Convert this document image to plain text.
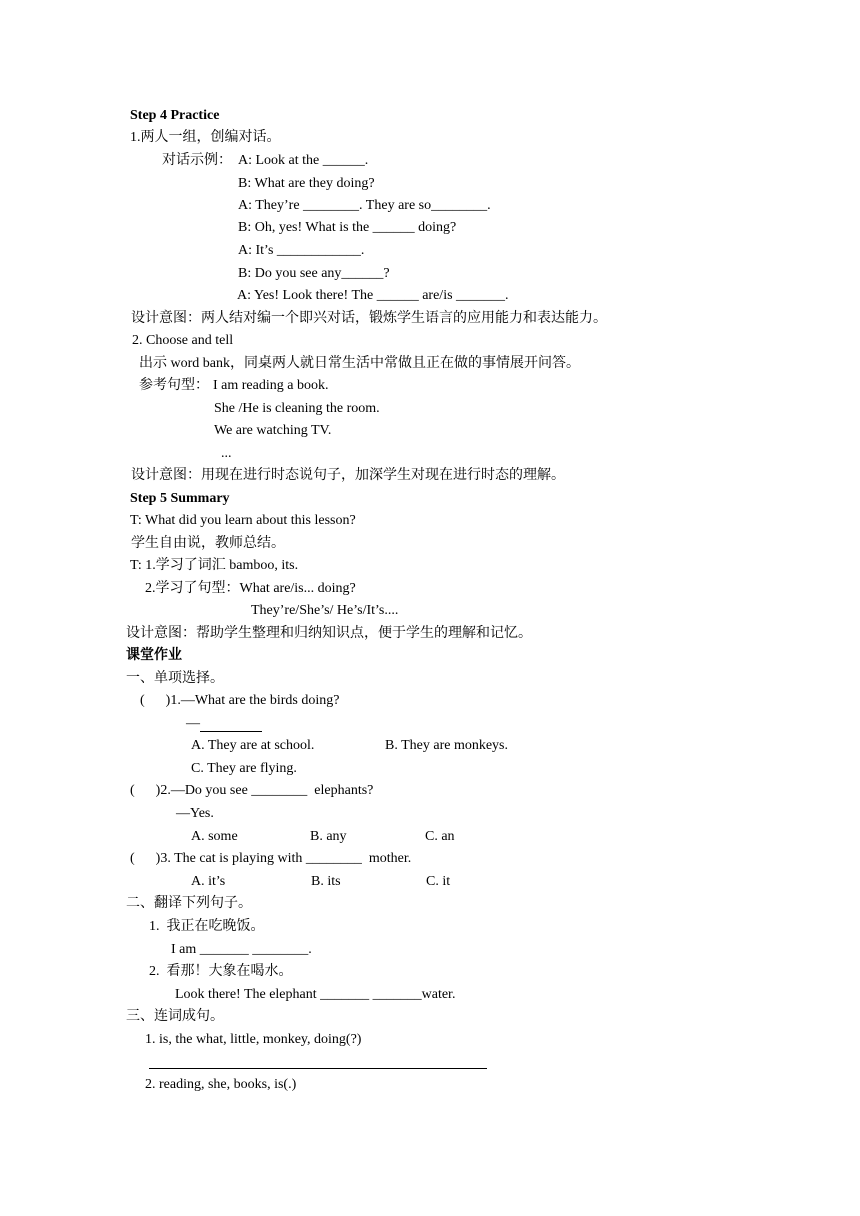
Step 4 Practice
1.两人一组，创编对话。
对话示例： A: Look at the ______.
B: What are they doing?
A: They’re ________. They are so________.
B: Oh, yes! What is the ______ doing?
A: It’s ____________.
B: Do you see any______?
A: Yes! Look there! The ______ are/is _______.
设计意图：两人结对编一个即兴对话，锻炼学生语言的应用能力和表达能力。
2. Choose and tell
出示 word bank，同桌两人就日常生活中常做且正在做的事情展开问答。
参考句型： I am reading a book.
She /He is cleaning the room.
We are watching TV.
...
设计意图：用现在进行时态说句子，加深学生对现在进行时态的理解。
Step 5 Summary
T: What did you learn about this lesson?
学生自由说，教师总结。
T: 1.学习了词汇 bamboo, its.
2.学习了句型：What are/is... doing?
They’re/She’s/ He’s/It’s....
设计意图：帮助学生整理和归纳知识点，便于学生的理解和记忆。
课堂作业
一、单项选择。
(      )1.—What are the birds doing?
—
A. They are at school.	B. They are monkeys.
C. They are flying.
(      )2.—Do you see ________  elephants?
—Yes.
A. some	B. any	C. an
(      )3. The cat is playing with ________  mother.
A. it’s	B. its	C. it
二、翻译下列句子。
1.  我正在吃晚饭。
I am _______ ________.
2.  看那！大象在喝水。
Look there! The elephant _______ _______water.
三、连词成句。
1. is, the what, little, monkey, doing(?)
2. reading, she, books, is(.)
